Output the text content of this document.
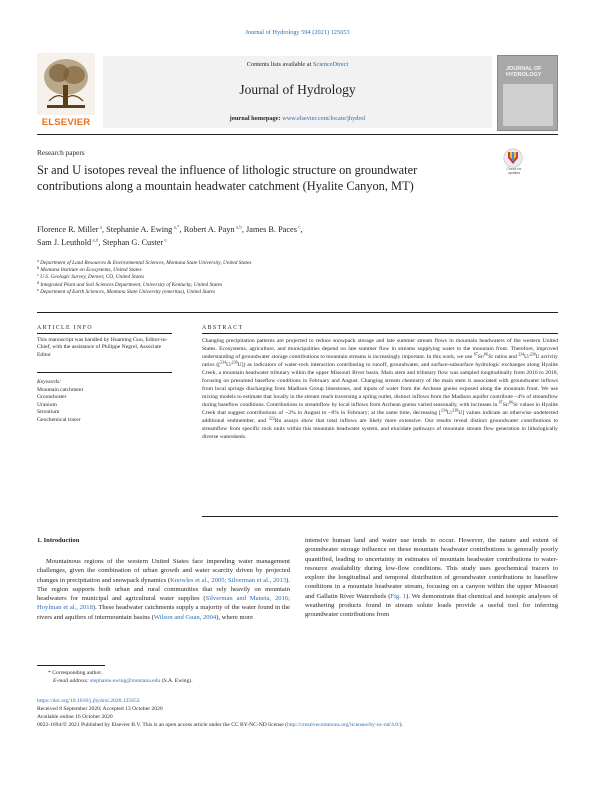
Journal of Hydrology 594 (2021) 125653
ELSEVIER
Contents lists available at ScienceDirect
Journal of Hydrology
journal homepage: www.elsevier.com/locate/jhydrol
JOURNAL OF HYDROLOGY
Research papers
Check for updates
Sr and U isotopes reveal the influence of lithologic structure on groundwater contributions along a mountain headwater catchment (Hyalite Canyon, MT)
Florence R. Miller $^a$, Stephanie A. Ewing $^{a,*}$, Robert A. Payn $^{a,b}$, James B. Paces $^c$,
Sam J. Leuthold $^{a,d}$, Stephan G. Custer $^e$
$^a$ Department of Land Resources & Environmental Sciences, Montana State University, United States
$^b$ Montana Institute on Ecosystems, United States
$^c$ U.S. Geologic Survey, Denver, CO, United States
$^d$ Integrated Plant and Soil Sciences Department, University of Kentucky, United States
$^e$ Department of Earth Sciences, Montana State University (emeritus), United States
ARTICLE INFO
This manuscript was handled by Huaming Guo, Editor-in-Chief, with the assistance of Philippe Negrel, Associate Editor
Keywords:
Mountain catchment
Groundwater
Uranium
Strontium
Geochemical tracer
ABSTRACT
Changing precipitation patterns are projected to reduce snowpack storage and late summer stream flows in mountain headwaters of the western United States. Ecosystems, agriculture, and municipalities depend on late summer flow in streams supplying water to the mountain front. Therefore, improved understanding of groundwater storage contributions to mountain streams is increasingly important. In this work, we use $^{87}$Sr/$^{86}$Sr ratios and $^{234}$U/$^{238}$U activity ratios ([$^{234}$U/$^{238}$U]) as indicators of water-rock interaction contributing to runoff, groundwater, and surface-subsurface hydrologic exchanges along Hyalite Creek, a mountain headwater tributary within the upper Missouri River basin. Main stem and tributary flow was sampled longitudinally from 2016 to 2018, focusing on presumed baseflow conditions in February and August. Changing stream chemistry of the main stem is associated with groundwater inflows from local springs discharging from Madison Group limestones, and inputs of water from the Archean gneiss exposed along the mountain front. We use mixing models to estimate that locally in the stream reach traversing a spring outlet, distinct inflows from the Madison aquifer contribute ~4% of streamflow during baseflow conditions. Contributions to streamflow by local inflows from Archean gneiss varied seasonally, with increases in $^{87}$Sr/$^{86}$Sr values in Hyalite Creek that suggest contributions of ~2% in August to ~8% in February; at the same time, decreasing [$^{234}$U/$^{238}$U] values indicate an otherwise undetected additional endmember, and $^{222}$Rn assays show that total inflows are likely more extensive. Our results reveal distinct groundwater contributions to streamflow from specific rock units within this mountain headwater system, and elucidate pathways of mountain stream flow generation in lithologically diverse watersheds.
1. Introduction
Mountainous regions of the western United States face impending water management challenges, given the combination of urban growth and water scarcity driven by projected changes in precipitation and snowpack dynamics (Knowles et al., 2005; Silverman et al., 2013). The region supports both urban and rural communities that rely heavily on mountain headwaters for municipal and agricultural water supplies (Silverman and Maneta, 2016; Hoylman et al., 2018). These headwater catchments supply a majority of the water found in the rivers and aquifers of intermountain basins (Wilson and Guan, 2004), where more
intensive human land and water use tends to occur. However, the nature and extent of groundwater storage influence on these mountain headwater contributions is generally poorly quantified, leading to uncertainty in estimates of mountain headwater contributions to water-resource availability during low-flow conditions. This study uses geochemical tracers to explore the longitudinal and temporal distribution of groundwater contributions to baseflow conditions in a mountain headwater stream, focusing on a canyon within the upper Missouri and Gallatin River Watersheds (Fig. 1). We demonstrate that chemical and isotopic analyses of weathering products found in stream solute loads provide a useful tool for inferring groundwater contributions from
* Corresponding author.
E-mail address: stephanie.ewing@montana.edu (S.A. Ewing).
https://doi.org/10.1016/j.jhydrol.2020.125653
Received 8 September 2020; Accepted 13 October 2020
Available online 16 October 2020
0022-1694/© 2021 Published by Elsevier B.V. This is an open access article under the CC BY-NC-ND license (http://creativecommons.org/licenses/by-nc-nd/4.0/).
